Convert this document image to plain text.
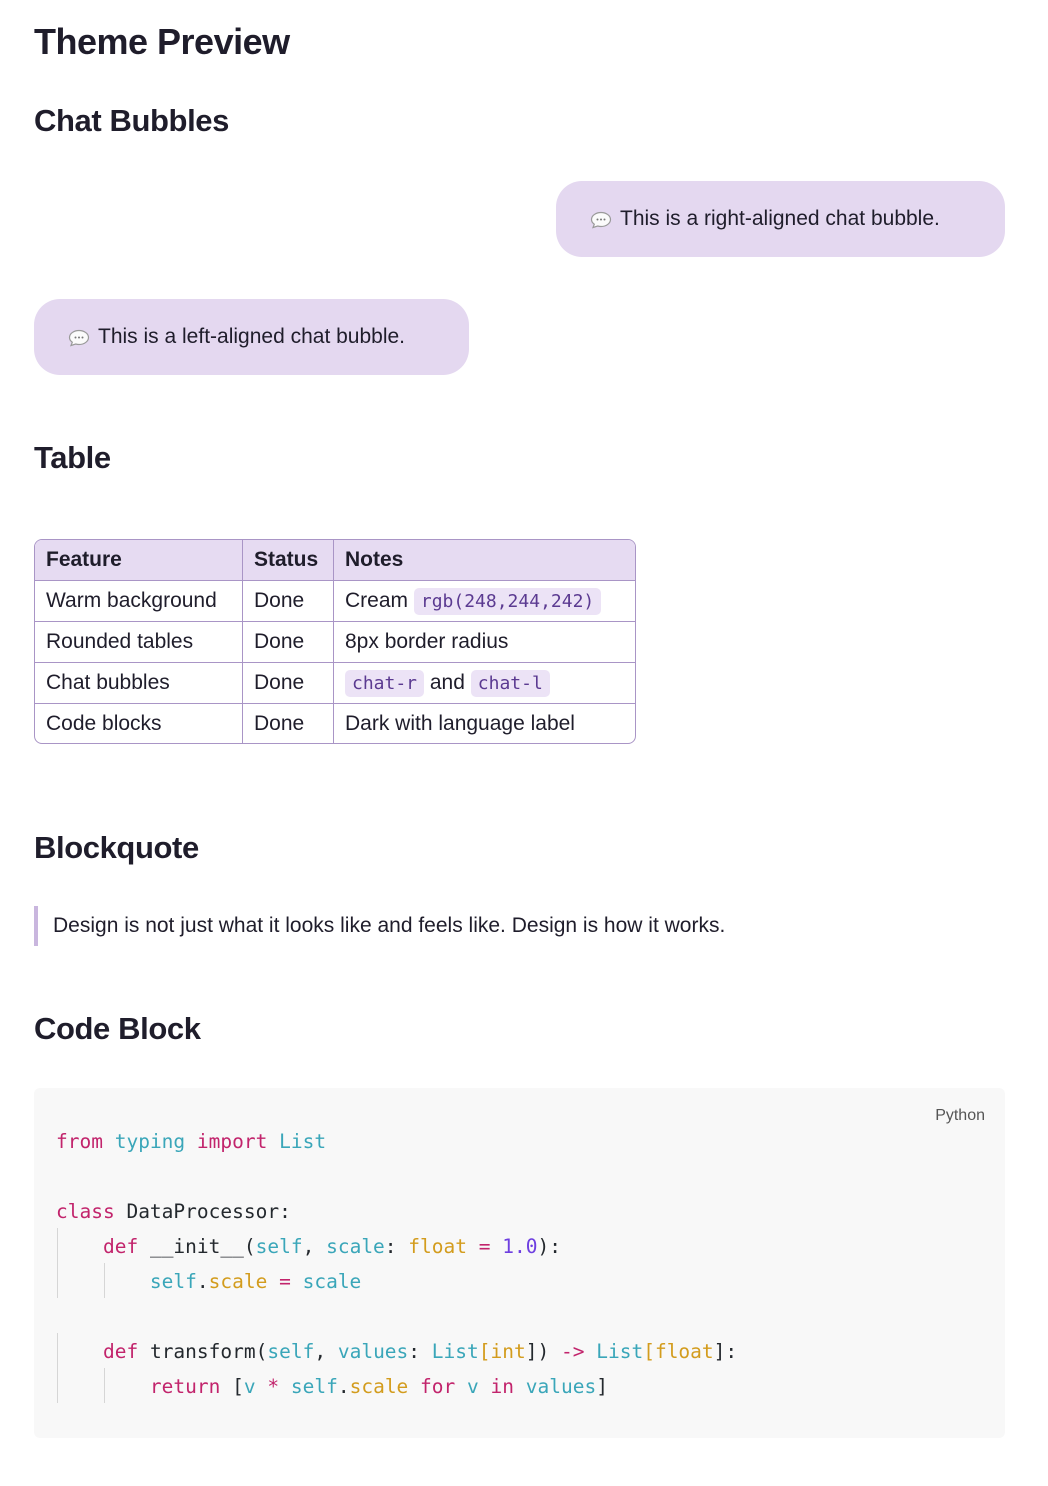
Theme Preview
Chat Bubbles
This is a right-aligned chat bubble.
This is a left-aligned chat bubble.
Table
Feature	Status	Notes
Warm background	Done	Cream rgb(248,244,242)
Rounded tables	Done	8px border radius
Chat bubbles	Done	chat-r and chat-l
Code blocks	Done	Dark with language label
Blockquote
Design is not just what it looks like and feels like. Design is how it works.
Code Block
Python
from typing import List

class DataProcessor:
def __init__(self, scale: float = 1.0):
self.scale = scale

def transform(self, values: List[int]) -> List[float]:
return [v * self.scale for v in values]
